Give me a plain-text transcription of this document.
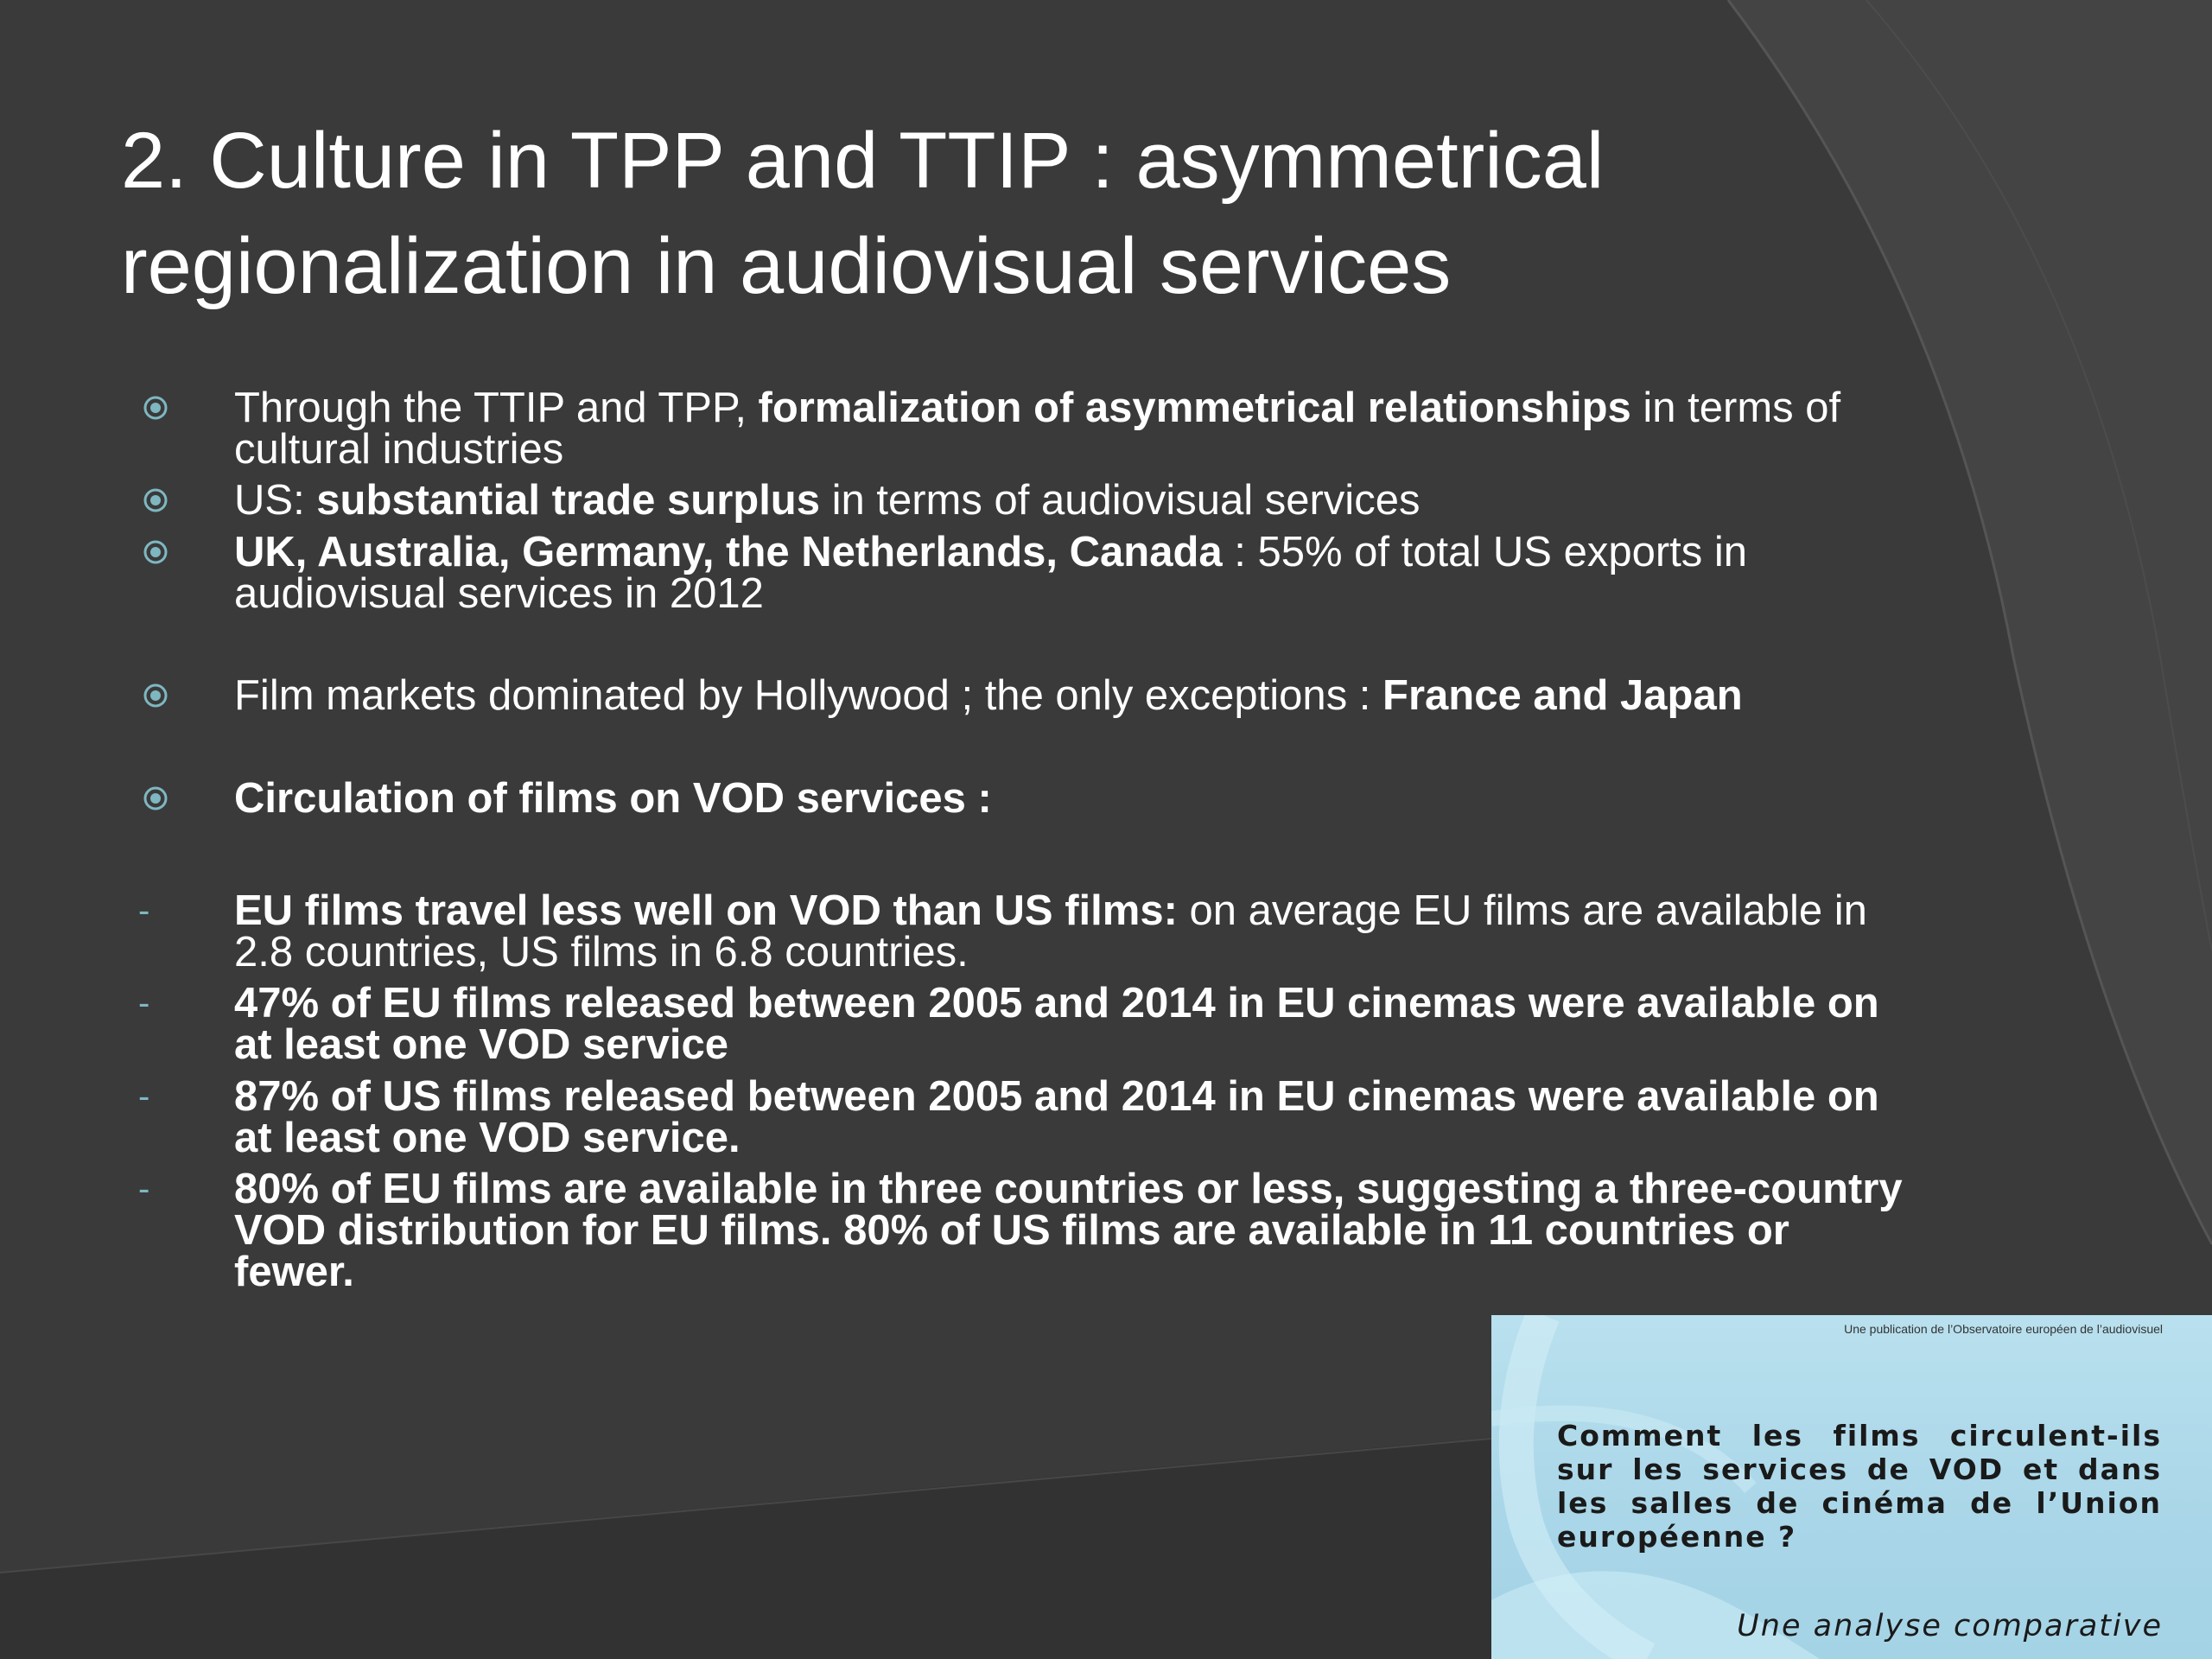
2. Culture in TPP and TTIP : asymmetrical regionalization in audiovisual services
Through the TTIP and TPP, formalization of asymmetrical relationships in terms of cultural industries
US: substantial trade surplus in terms of audiovisual services
UK, Australia, Germany, the Netherlands, Canada : 55% of total US exports in audiovisual services in 2012
Film markets dominated by Hollywood ; the only exceptions : France and Japan
Circulation of films on VOD services :
- EU films travel less well on VOD than US films: on average EU films are available in 2.8 countries, US films in 6.8 countries.
- 47% of EU films released between 2005 and 2014 in EU cinemas were available on at least one VOD service
- 87% of US films released between 2005 and 2014 in EU cinemas were available on at least one VOD service.
- 80% of EU films are available in three countries or less, suggesting a three-country VOD distribution for EU films. 80% of US films are available in 11 countries or fewer.
Une publication de l’Observatoire européen de l’audiovisuel

Comment les films circulent-ils sur les services de VOD et dans les salles de cinéma de l’Union européenne ?

Une analyse comparative
